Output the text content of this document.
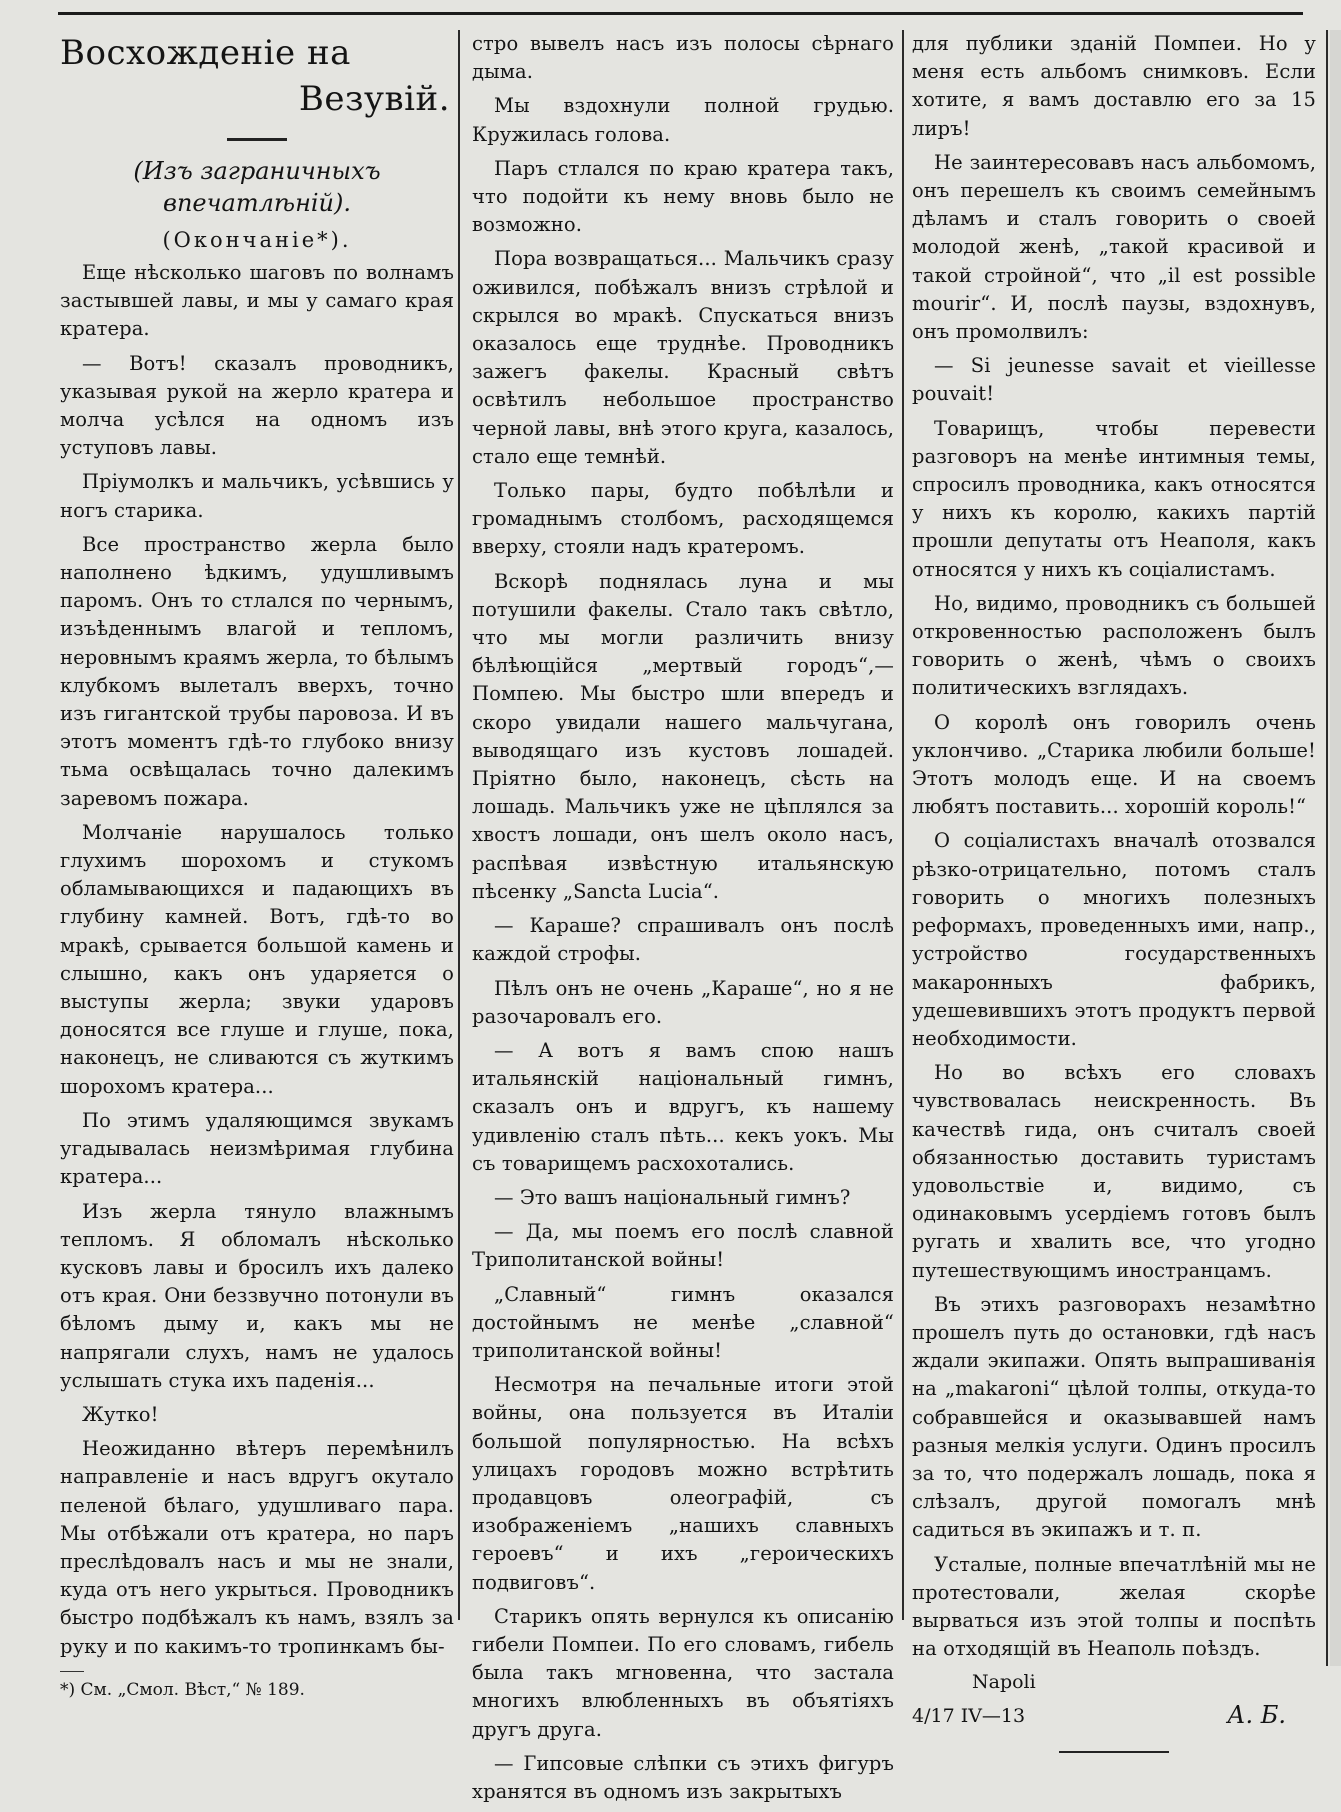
Восхожденіе на
Везувій.

(Изъ заграничныхъ впечатлѣній).

(Окончаніе*).

Еще нѣсколько шаговъ по волнамъ застывшей лавы, и мы у самаго края кратера.

— Вотъ! сказалъ проводникъ, указывая рукой на жерло кратера и молча усѣлся на одномъ изъ уступовъ лавы.

Пріумолкъ и мальчикъ, усѣвшись у ногъ старика.

Все пространство жерла было наполнено ѣдкимъ, удушливымъ паромъ. Онъ то стлался по чернымъ, изъѣденнымъ влагой и тепломъ, неровнымъ краямъ жерла, то бѣлымъ клубкомъ вылеталъ вверхъ, точно изъ гигантской трубы паровоза. И въ этотъ моментъ гдѣ-то глубоко внизу тьма освѣщалась точно далекимъ заревомъ пожара.

Молчаніе нарушалось только глухимъ шорохомъ и стукомъ обламывающихся и падающихъ въ глубину камней. Вотъ, гдѣ-то во мракѣ, срывается большой камень и слышно, какъ онъ ударяется о выступы жерла; звуки ударовъ доносятся все глуше и глуше, пока, наконецъ, не сливаются съ жуткимъ шорохомъ кратера...

По этимъ удаляющимся звукамъ угадывалась неизмѣримая глубина кратера...

Изъ жерла тянуло влажнымъ тепломъ. Я обломалъ нѣсколько кусковъ лавы и бросилъ ихъ далеко отъ края. Они беззвучно потонули въ бѣломъ дыму и, какъ мы не напрягали слухъ, намъ не удалось услышать стука ихъ паденія...

Жутко!

Неожиданно вѣтеръ перемѣнилъ направленіе и насъ вдругъ окутало пеленой бѣлаго, удушливаго пара. Мы отбѣжали отъ кратера, но паръ преслѣдовалъ насъ и мы не знали, куда отъ него укрыться. Проводникъ быстро подбѣжалъ къ намъ, взялъ за руку и по какимъ-то тропинкамъ бы-

*) См. „Смол. Вѣст,“ № 189.

стро вывелъ насъ изъ полосы сѣрнаго дыма.

Мы вздохнули полной грудью. Кружилась голова.

Паръ стлался по краю кратера такъ, что подойти къ нему вновь было не возможно.

Пора возвращаться... Мальчикъ сразу оживился, побѣжалъ внизъ стрѣлой и скрылся во мракѣ. Спускаться внизъ оказалось еще труднѣе. Проводникъ зажегъ факелы. Красный свѣтъ освѣтилъ небольшое пространство черной лавы, внѣ этого круга, казалось, стало еще темнѣй.

Только пары, будто побѣлѣли и громаднымъ столбомъ, расходящемся вверху, стояли надъ кратеромъ.

Вскорѣ поднялась луна и мы потушили факелы. Стало такъ свѣтло, что мы могли различить внизу бѣлѣющійся „мертвый городъ“,—Помпею. Мы быстро шли впередъ и скоро увидали нашего мальчугана, выводящаго изъ кустовъ лошадей. Пріятно было, наконецъ, сѣсть на лошадь. Мальчикъ уже не цѣплялся за хвостъ лошади, онъ шелъ около насъ, распѣвая извѣстную итальянскую пѣсенку „Sancta Lucia“.

— Караше? спрашивалъ онъ послѣ каждой строфы.

Пѣлъ онъ не очень „Караше“, но я не разочаровалъ его.

— А вотъ я вамъ спою нашъ итальянскій національный гимнъ, сказалъ онъ и вдругъ, къ нашему удивленію сталъ пѣть... кекъ уокъ. Мы съ товарищемъ расхохотались.

— Это вашъ національный гимнъ?

— Да, мы поемъ его послѣ славной Триполитанской войны!

„Славный“ гимнъ оказался достойнымъ не менѣе „славной“ триполитанской войны!

Несмотря на печальные итоги этой войны, она пользуется въ Италіи большой популярностью. На всѣхъ улицахъ городовъ можно встрѣтить продавцовъ олеографій, съ изображеніемъ „нашихъ славныхъ героевъ“ и ихъ „героическихъ подвиговъ“.

Старикъ опять вернулся къ описанію гибели Помпеи. По его словамъ, гибель была такъ мгновенна, что застала многихъ влюбленныхъ въ объятіяхъ другъ друга.

— Гипсовые слѣпки съ этихъ фигуръ хранятся въ одномъ изъ закрытыхъ

для публики зданій Помпеи. Но у меня есть альбомъ снимковъ. Если хотите, я вамъ доставлю его за 15 лиръ!

Не заинтересовавъ насъ альбомомъ, онъ перешелъ къ своимъ семейнымъ дѣламъ и сталъ говорить о своей молодой женѣ, „такой красивой и такой стройной“, что „il est possible mourir“. И, послѣ паузы, вздохнувъ, онъ промолвилъ:

— Si jeunesse savait et vieillesse pouvait!

Товарищъ, чтобы перевести разговоръ на менѣе интимныя темы, спросилъ проводника, какъ относятся у нихъ къ королю, какихъ партій прошли депутаты отъ Неаполя, какъ относятся у нихъ къ соціалистамъ.

Но, видимо, проводникъ съ большей откровенностью расположенъ былъ говорить о женѣ, чѣмъ о своихъ политическихъ взглядахъ.

О королѣ онъ говорилъ очень уклончиво. „Старика любили больше! Этотъ молодъ еще. И на своемъ любятъ поставить... хорошій король!“

О соціалистахъ вначалѣ отозвался рѣзко-отрицательно, потомъ сталъ говорить о многихъ полезныхъ реформахъ, проведенныхъ ими, напр., устройство государственныхъ макаронныхъ фабрикъ, удешевившихъ этотъ продуктъ первой необходимости.

Но во всѣхъ его словахъ чувствовалась неискренность. Въ качествѣ гида, онъ считалъ своей обязанностью доставить туристамъ удовольствіе и, видимо, съ одинаковымъ усердіемъ готовъ былъ ругать и хвалить все, что угодно путешествующимъ иностранцамъ.

Въ этихъ разговорахъ незамѣтно прошелъ путь до остановки, гдѣ насъ ждали экипажи. Опять выпрашиванія на „makaroni“ цѣлой толпы, откуда-то собравшейся и оказывавшей намъ разныя мелкія услуги. Одинъ просилъ за то, что подержалъ лошадь, пока я слѣзалъ, другой помогалъ мнѣ садиться въ экипажъ и т. п.

Усталые, полные впечатлѣній мы не протестовали, желая скорѣе вырваться изъ этой толпы и поспѣть на отходящій въ Неаполь поѣздъ.

Napoli

4/17 IV—13	А. Б.
